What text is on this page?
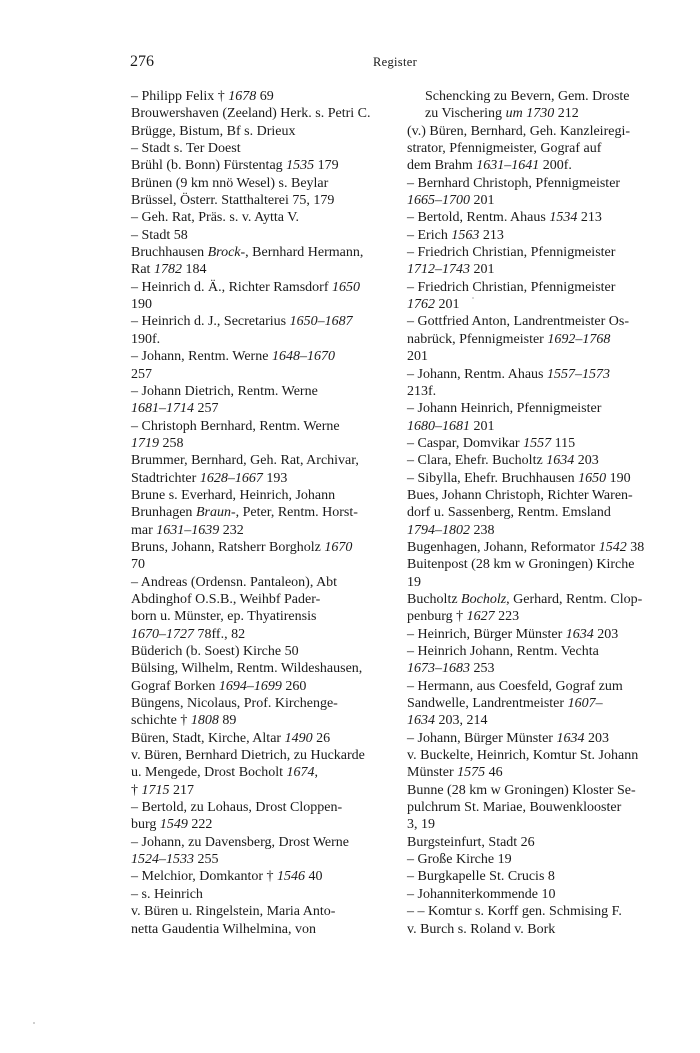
276	Register
– Philipp Felix † 1678 69
Brouwershaven (Zeeland) Herk. s. Petri C.
Brügge, Bistum, Bf s. Drieux
– Stadt s. Ter Doest
Brühl (b. Bonn) Fürstentag 1535 179
Brünen (9 km nnö Wesel) s. Beylar
Brüssel, Österr. Statthalterei 75, 179
– Geh. Rat, Präs. s. v. Aytta V.
– Stadt 58
Bruchhausen Brock-, Bernhard Hermann,
Rat 1782 184
– Heinrich d. Ä., Richter Ramsdorf 1650
190
– Heinrich d. J., Secretarius 1650–1687
190f.
– Johann, Rentm. Werne 1648–1670
257
– Johann Dietrich, Rentm. Werne
1681–1714 257
– Christoph Bernhard, Rentm. Werne
1719 258
Brummer, Bernhard, Geh. Rat, Archivar,
Stadtrichter 1628–1667 193
Brune s. Everhard, Heinrich, Johann
Brunhagen Braun-, Peter, Rentm. Horst-
mar 1631–1639 232
Bruns, Johann, Ratsherr Borgholz 1670
70
– Andreas (Ordensn. Pantaleon), Abt
Abdinghof O.S.B., Weihbf Pader-
born u. Münster, ep. Thyatirensis
1670–1727 78ff., 82
Büderich (b. Soest) Kirche 50
Bülsing, Wilhelm, Rentm. Wildeshausen,
Gograf Borken 1694–1699 260
Büngens, Nicolaus, Prof. Kirchenge-
schichte † 1808 89
Büren, Stadt, Kirche, Altar 1490 26
v. Büren, Bernhard Dietrich, zu Huckarde
u. Mengede, Drost Bocholt 1674,
† 1715 217
– Bertold, zu Lohaus, Drost Cloppen-
burg 1549 222
– Johann, zu Davensberg, Drost Werne
1524–1533 255
– Melchior, Domkantor † 1546 40
– s. Heinrich
v. Büren u. Ringelstein, Maria Anto-
netta Gaudentia Wilhelmina, von
Schencking zu Bevern, Gem. Droste
zu Vischering um 1730 212
(v.) Büren, Bernhard, Geh. Kanzleiregi-
strator, Pfennigmeister, Gograf auf
dem Brahm 1631–1641 200f.
– Bernhard Christoph, Pfennigmeister
1665–1700 201
– Bertold, Rentm. Ahaus 1534 213
– Erich 1563 213
– Friedrich Christian, Pfennigmeister
1712–1743 201
– Friedrich Christian, Pfennigmeister
1762 201
– Gottfried Anton, Landrentmeister Os-
nabrück, Pfennigmeister 1692–1768
201
– Johann, Rentm. Ahaus 1557–1573
213f.
– Johann Heinrich, Pfennigmeister
1680–1681 201
– Caspar, Domvikar 1557 115
– Clara, Ehefr. Bucholtz 1634 203
– Sibylla, Ehefr. Bruchhausen 1650 190
Bues, Johann Christoph, Richter Waren-
dorf u. Sassenberg, Rentm. Emsland
1794–1802 238
Bugenhagen, Johann, Reformator 1542 38
Buitenpost (28 km w Groningen) Kirche
19
Bucholtz Bocholz, Gerhard, Rentm. Clop-
penburg † 1627 223
– Heinrich, Bürger Münster 1634 203
– Heinrich Johann, Rentm. Vechta
1673–1683 253
– Hermann, aus Coesfeld, Gograf zum
Sandwelle, Landrentmeister 1607–
1634 203, 214
– Johann, Bürger Münster 1634 203
v. Buckelte, Heinrich, Komtur St. Johann
Münster 1575 46
Bunne (28 km w Groningen) Kloster Se-
pulchrum St. Mariae, Bouwenklooster
3, 19
Burgsteinfurt, Stadt 26
– Große Kirche 19
– Burgkapelle St. Crucis 8
– Johanniterkommende 10
– – Komtur s. Korff gen. Schmising F.
v. Burch s. Roland v. Bork
